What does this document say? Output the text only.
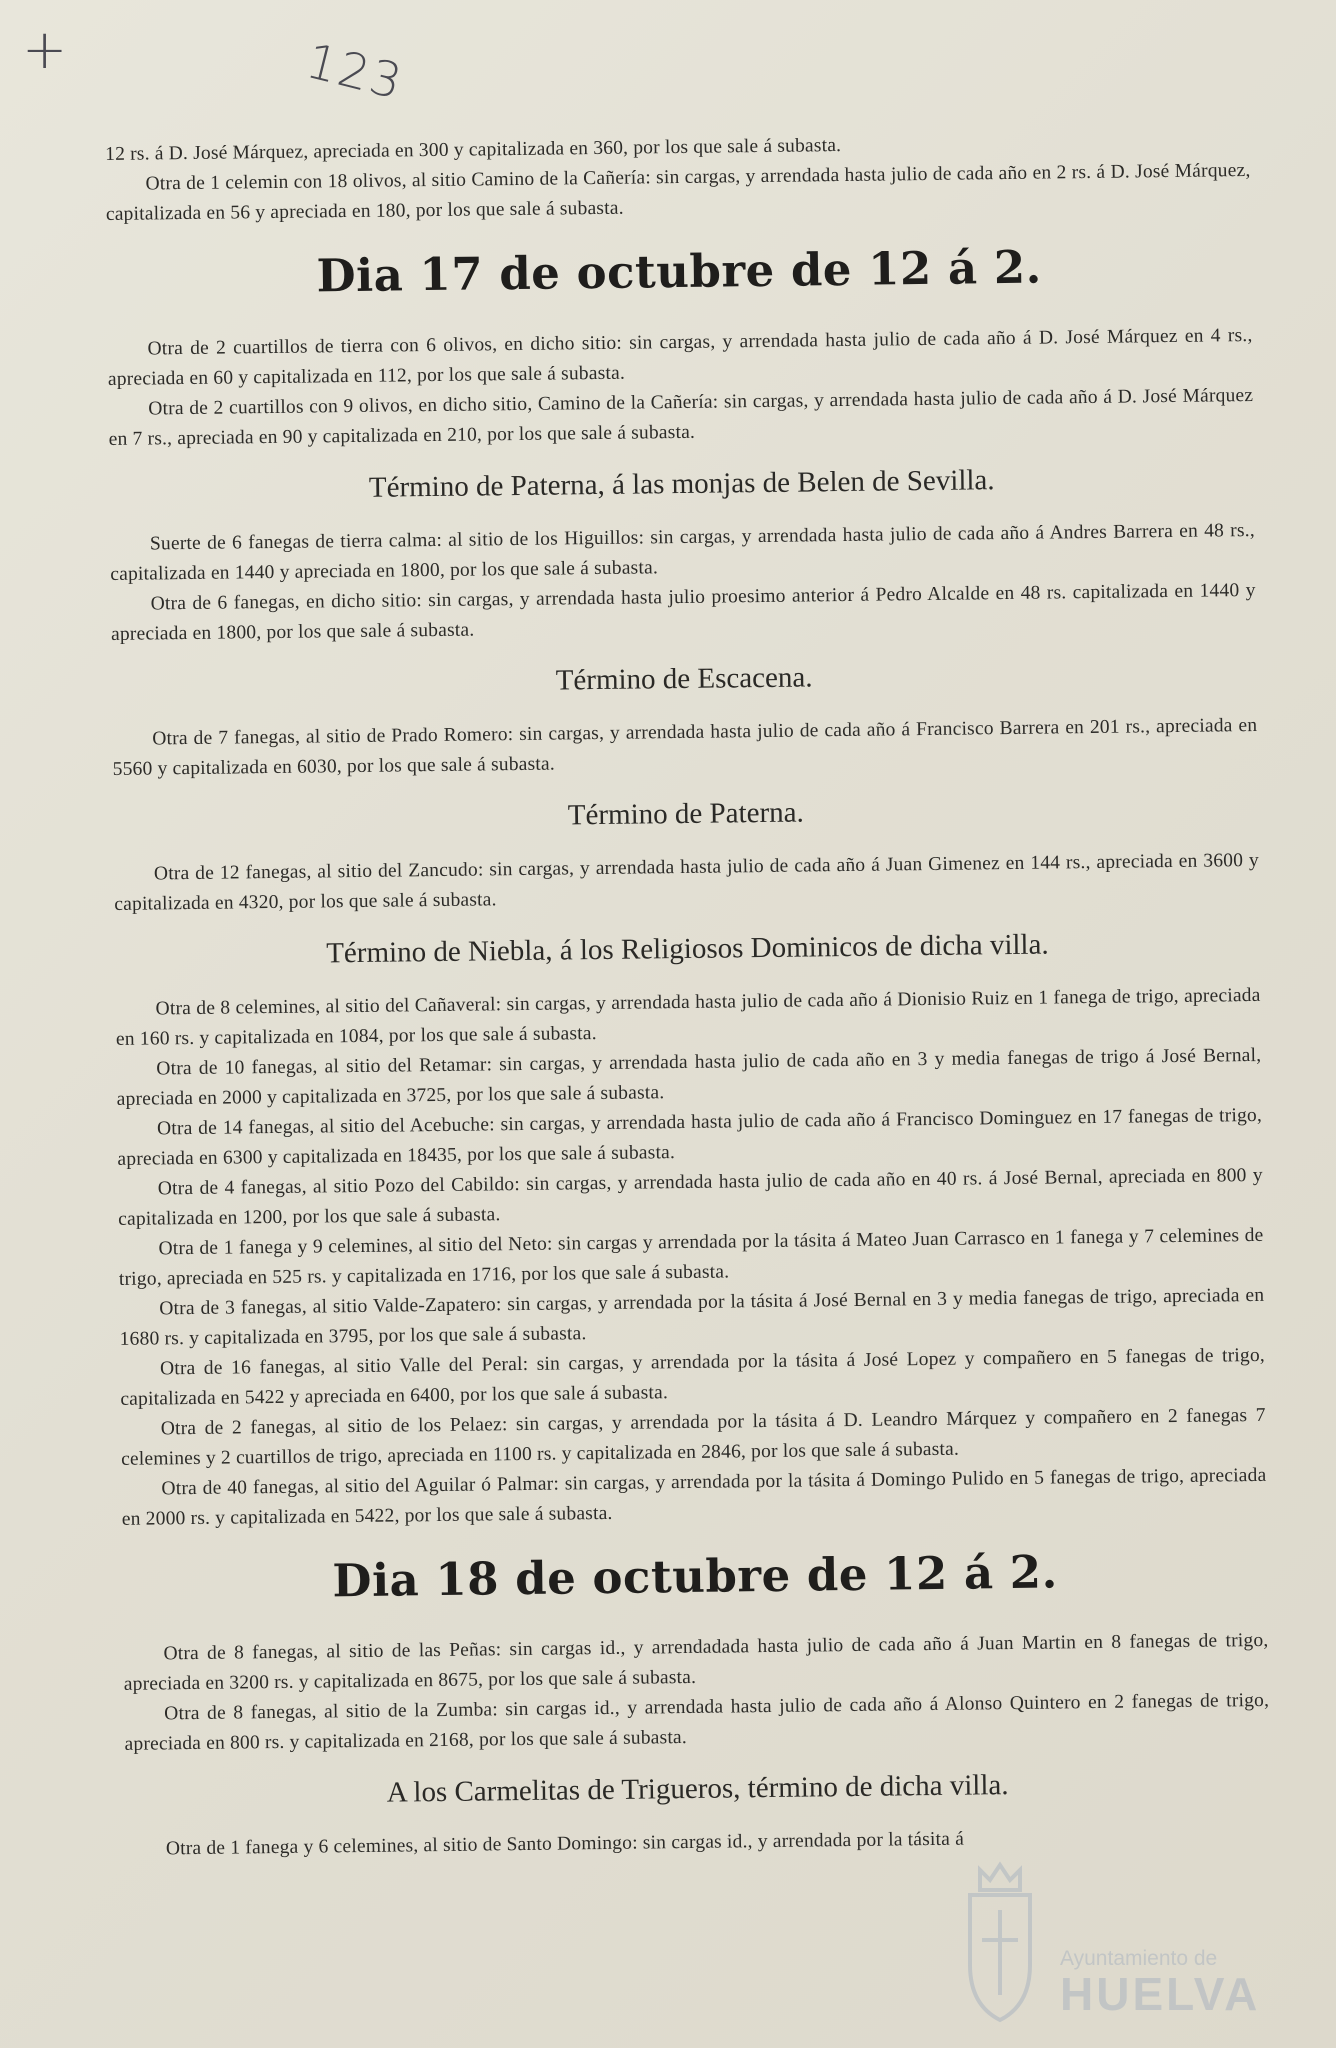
+	123

12 rs. á D. José Márquez, apreciada en 300 y capitalizada en 360, por los que sale á subasta.

Otra de 1 celemin con 18 olivos, al sitio Camino de la Cañería: sin cargas, y arrendada hasta julio de cada año en 2 rs. á D. José Márquez, capitalizada en 56 y apreciada en 180, por los que sale á subasta.

Dia 17 de octubre de 12 á 2.

Otra de 2 cuartillos de tierra con 6 olivos, en dicho sitio: sin cargas, y arrendada hasta julio de cada año á D. José Márquez en 4 rs., apreciada en 60 y capitalizada en 112, por los que sale á subasta.

Otra de 2 cuartillos con 9 olivos, en dicho sitio, Camino de la Cañería: sin cargas, y arrendada hasta julio de cada año á D. José Márquez en 7 rs., apreciada en 90 y capitalizada en 210, por los que sale á subasta.

Término de Paterna, á las monjas de Belen de Sevilla.

Suerte de 6 fanegas de tierra calma: al sitio de los Higuillos: sin cargas, y arrendada hasta julio de cada año á Andres Barrera en 48 rs., capitalizada en 1440 y apreciada en 1800, por los que sale á subasta.

Otra de 6 fanegas, en dicho sitio: sin cargas, y arrendada hasta julio proesimo anterior á Pedro Alcalde en 48 rs. capitalizada en 1440 y apreciada en 1800, por los que sale á subasta.

Término de Escacena.

Otra de 7 fanegas, al sitio de Prado Romero: sin cargas, y arrendada hasta julio de cada año á Francisco Barrera en 201 rs., apreciada en 5560 y capitalizada en 6030, por los que sale á subasta.

Término de Paterna.

Otra de 12 fanegas, al sitio del Zancudo: sin cargas, y arrendada hasta julio de cada año á Juan Gimenez en 144 rs., apreciada en 3600 y capitalizada en 4320, por los que sale á subasta.

Término de Niebla, á los Religiosos Dominicos de dicha villa.

Otra de 8 celemines, al sitio del Cañaveral: sin cargas, y arrendada hasta julio de cada año á Dionisio Ruiz en 1 fanega de trigo, apreciada en 160 rs. y capitalizada en 1084, por los que sale á subasta.

Otra de 10 fanegas, al sitio del Retamar: sin cargas, y arrendada hasta julio de cada año en 3 y media fanegas de trigo á José Bernal, apreciada en 2000 y capitalizada en 3725, por los que sale á subasta.

Otra de 14 fanegas, al sitio del Acebuche: sin cargas, y arrendada hasta julio de cada año á Francisco Dominguez en 17 fanegas de trigo, apreciada en 6300 y capitalizada en 18435, por los que sale á subasta.

Otra de 4 fanegas, al sitio Pozo del Cabildo: sin cargas, y arrendada hasta julio de cada año en 40 rs. á José Bernal, apreciada en 800 y capitalizada en 1200, por los que sale á subasta.

Otra de 1 fanega y 9 celemines, al sitio del Neto: sin cargas y arrendada por la tásita á Mateo Juan Carrasco en 1 fanega y 7 celemines de trigo, apreciada en 525 rs. y capitalizada en 1716, por los que sale á subasta.

Otra de 3 fanegas, al sitio Valde-Zapatero: sin cargas, y arrendada por la tásita á José Bernal en 3 y media fanegas de trigo, apreciada en 1680 rs. y capitalizada en 3795, por los que sale á subasta.

Otra de 16 fanegas, al sitio Valle del Peral: sin cargas, y arrendada por la tásita á José Lopez y compañero en 5 fanegas de trigo, capitalizada en 5422 y apreciada en 6400, por los que sale á subasta.

Otra de 2 fanegas, al sitio de los Pelaez: sin cargas, y arrendada por la tásita á D. Leandro Márquez y compañero en 2 fanegas 7 celemines y 2 cuartillos de trigo, apreciada en 1100 rs. y capitalizada en 2846, por los que sale á subasta.

Otra de 40 fanegas, al sitio del Aguilar ó Palmar: sin cargas, y arrendada por la tásita á Domingo Pulido en 5 fanegas de trigo, apreciada en 2000 rs. y capitalizada en 5422, por los que sale á subasta.

Dia 18 de octubre de 12 á 2.

Otra de 8 fanegas, al sitio de las Peñas: sin cargas id., y arrendadada hasta julio de cada año á Juan Martin en 8 fanegas de trigo, apreciada en 3200 rs. y capitalizada en 8675, por los que sale á subasta.

Otra de 8 fanegas, al sitio de la Zumba: sin cargas id., y arrendada hasta julio de cada año á Alonso Quintero en 2 fanegas de trigo, apreciada en 800 rs. y capitalizada en 2168, por los que sale á subasta.

A los Carmelitas de Trigueros, término de dicha villa.

Otra de 1 fanega y 6 celemines, al sitio de Santo Domingo: sin cargas id., y arrendada por la tásita á

Ayuntamiento de
HUELVA
